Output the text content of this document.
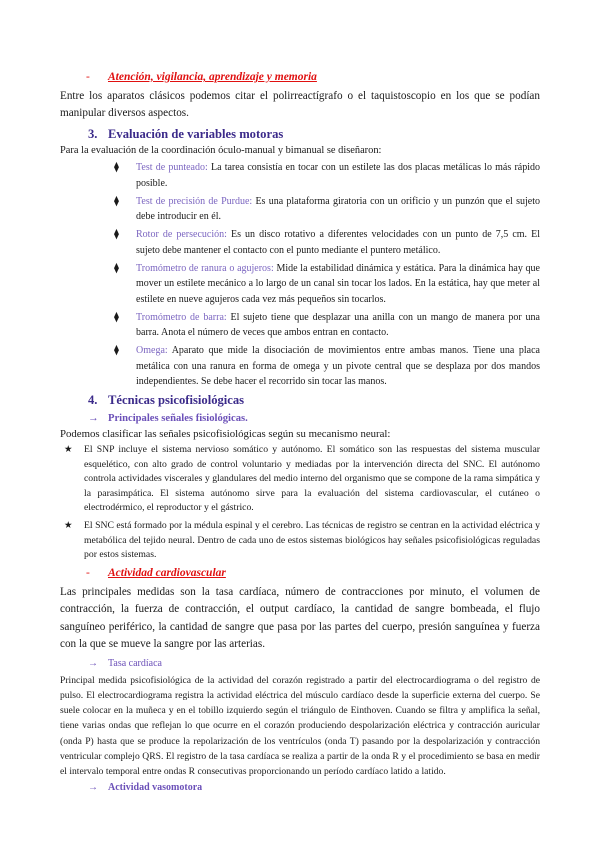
- Atención, vigilancia, aprendizaje y memoria

Entre los aparatos clásicos podemos citar el polirreactígrafo o el taquistoscopio en los que se podían manipular diversos aspectos.

3. Evaluación de variables motoras

Para la evaluación de la coordinación óculo-manual y bimanual se diseñaron:

⧫ Test de punteado: La tarea consistía en tocar con un estilete las dos placas metálicas lo más rápido posible.
⧫ Test de precisión de Purdue: Es una plataforma giratoria con un orificio y un punzón que el sujeto debe introducir en él.
⧫ Rotor de persecución: Es un disco rotativo a diferentes velocidades con un punto de 7,5 cm. El sujeto debe mantener el contacto con el punto mediante el puntero metálico.
⧫ Tromómetro de ranura o agujeros: Mide la estabilidad dinámica y estática. Para la dinámica hay que mover un estilete mecánico a lo largo de un canal sin tocar los lados. En la estática, hay que meter al estilete en nueve agujeros cada vez más pequeños sin tocarlos.
⧫ Tromómetro de barra: El sujeto tiene que desplazar una anilla con un mango de manera por una barra. Anota el número de veces que ambos entran en contacto.
⧫ Omega: Aparato que mide la disociación de movimientos entre ambas manos. Tiene una placa metálica con una ranura en forma de omega y un pivote central que se desplaza por dos mandos independientes. Se debe hacer el recorrido sin tocar las manos.
4. Técnicas psicofisiológicas
→ Principales señales fisiológicas.

Podemos clasificar las señales psicofisiológicas según su mecanismo neural:

★ El SNP incluye el sistema nervioso somático y autónomo. El somático son las respuestas del sistema muscular esquelético, con alto grado de control voluntario y mediadas por la intervención directa del SNC. El autónomo controla actividades viscerales y glandulares del medio interno del organismo que se compone de la rama simpática y la parasimpática. El sistema autónomo sirve para la evaluación del sistema cardiovascular, el cutáneo o electrodérmico, el reproductor y el gástrico.
★ El SNC está formado por la médula espinal y el cerebro. Las técnicas de registro se centran en la actividad eléctrica y metabólica del tejido neural. Dentro de cada uno de estos sistemas biológicos hay señales psicofisiológicas reguladas por estos sistemas.
- Actividad cardiovascular

Las principales medidas son la tasa cardíaca, número de contracciones por minuto, el volumen de contracción, la fuerza de contracción, el output cardíaco, la cantidad de sangre bombeada, el flujo sanguíneo periférico, la cantidad de sangre que pasa por las partes del cuerpo, presión sanguínea y fuerza con la que se mueve la sangre por las arterias.

→ Tasa cardíaca

Principal medida psicofisiológica de la actividad del corazón registrado a partir del electrocardiograma o del registro de pulso. El electrocardiograma registra la actividad eléctrica del músculo cardíaco desde la superficie externa del cuerpo. Se suele colocar en la muñeca y en el tobillo izquierdo según el triángulo de Einthoven. Cuando se filtra y amplifica la señal, tiene varias ondas que reflejan lo que ocurre en el corazón produciendo despolarización eléctrica y contracción auricular (onda P) hasta que se produce la repolarización de los ventrículos (onda T) pasando por la despolarización y contracción ventricular complejo QRS. El registro de la tasa cardíaca se realiza a partir de la onda R y el procedimiento se basa en medir el intervalo temporal entre ondas R consecutivas proporcionando un período cardíaco latido a latido.

→ Actividad vasomotora
